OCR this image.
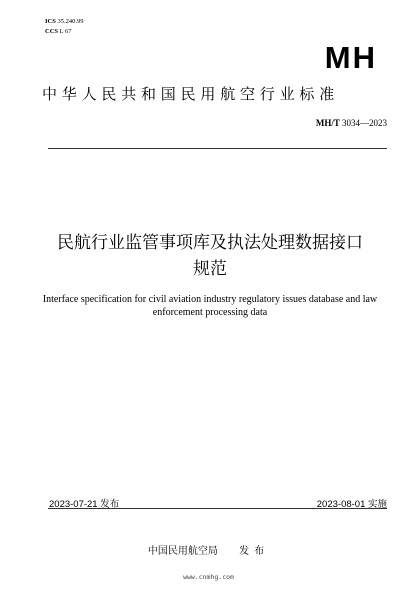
ICS 35.240.99
CCS L 67
MH
中华人民共和国民用航空行业标准
MH/T 3034—2023
民航行业监管事项库及执法处理数据接口
规范
Interface specification for civil aviation industry regulatory issues database and law
enforcement processing data
2023-07-21 发布	2023-08-01 实施
中国民用航空局 发布
www.cnmhg.com
